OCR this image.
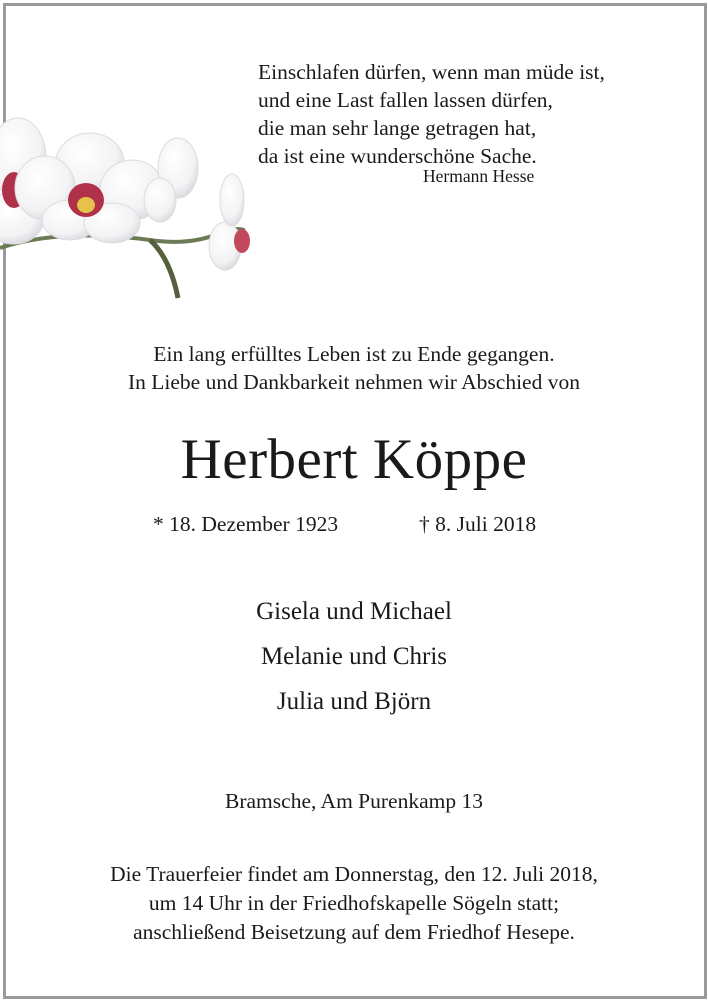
Einschlafen dürfen, wenn man müde ist,
und eine Last fallen lassen dürfen,
die man sehr lange getragen hat,
da ist eine wunderschöne Sache.
Hermann Hesse
Ein lang erfülltes Leben ist zu Ende gegangen.
In Liebe und Dankbarkeit nehmen wir Abschied von
Herbert Köppe
* 18. Dezember 1923	† 8. Juli 2018
Gisela und Michael
Melanie und Chris
Julia und Björn
Bramsche, Am Purenkamp 13
Die Trauerfeier findet am Donnerstag, den 12. Juli 2018,
um 14 Uhr in der Friedhofskapelle Sögeln statt;
anschließend Beisetzung auf dem Friedhof Hesepe.
